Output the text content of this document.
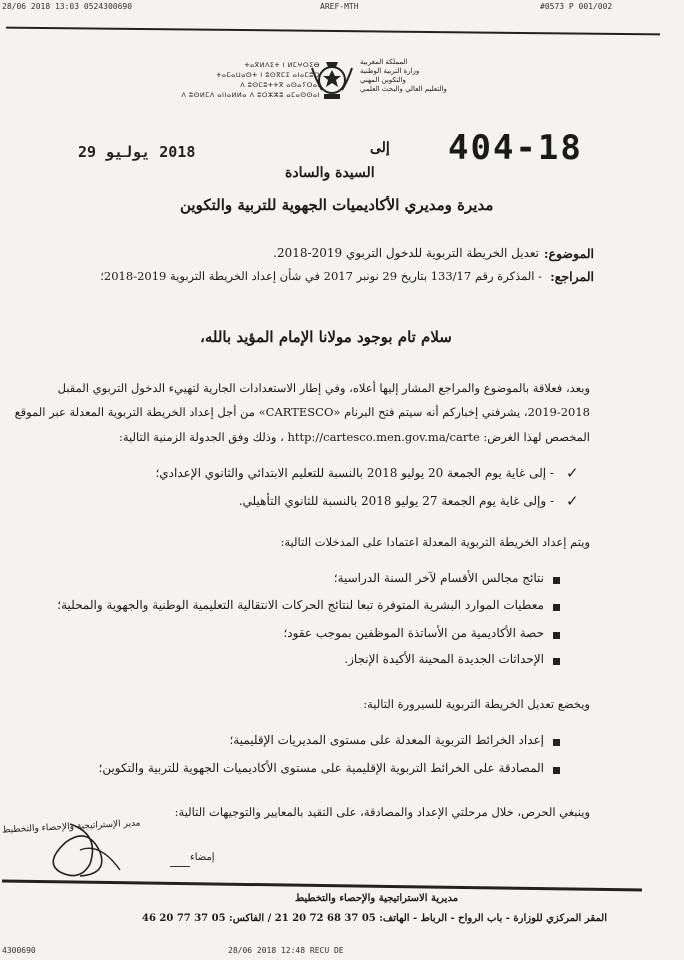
28/06 2018 13:03 0524300690	AREF-MTH	#0573 P 001/002
ⵜⴰⴳⵍⴷⵉⵜ ⵏ ⵍⵎⵖⵔⵉⴱ
ⵜⴰⵎⴰⵡⴰⵙⵜ ⵏ ⵓⵙⴳⵎⵉ ⴰⵏⴰⵎⵓⵔ
ⴷ ⵓⵙⵎⵓⵜⵜⴳ ⴰⵙⴰⵢⵔⴰⵏ
ⴷ ⵓⵙⵍⵎⴷ ⴰⵏⵏⴰⵍⵍⴰ ⴷ ⵓⵔⵣⵣⵓ ⴰⵎⴰⵙⵙⴰⵏ
المملكة المغربية
وزارة التربية الوطنية
والتكوين المهني
والتعليم العالي والبحث العلمي
2018 يوليو 29	404-18
إلى
السيدة والسادة
مديرة ومديري الأكاديميات الجهوية للتربية والتكوين
الموضوع:
تعديل الخريطة التربوية للدخول التربوي 2019-2018.
المراجع:
- المذكرة رقم 133/17 بتاريخ 29 نونبر 2017 في شأن إعداد الخريطة التربوية 2019-2018؛
سلام تام بوجود مولانا الإمام المؤيد بالله،
وبعد، فعلاقة بالموضوع والمراجع المشار إليها أعلاه، وفي إطار الاستعدادات الجارية لتهييء الدخول التربوي المقبل
2019-2018، يشرفني إخباركم أنه سيتم فتح البرنام «CARTESCO» من أجل إعداد الخريطة التربوية المعدلة عبر الموقع
المخصص لهذا الغرض: http://cartesco.men.gov.ma/carte ، وذلك وفق الجدولة الزمنية التالية:
✓
- إلى غاية يوم الجمعة 20 يوليو 2018 بالنسبة للتعليم الابتدائي والثانوي الإعدادي؛
✓
- وإلى غاية يوم الجمعة 27 يوليو 2018 بالنسبة للثانوي التأهيلي.
ويتم إعداد الخريطة التربوية المعدلة اعتمادا على المدخلات التالية:
نتائج مجالس الأقسام لآخر السنة الدراسية؛
معطيات الموارد البشرية المتوفرة تبعا لنتائج الحركات الانتقالية التعليمية الوطنية والجهوية والمحلية؛
حصة الأكاديمية من الأساتذة الموظفين بموجب عقود؛
الإحداثات الجديدة المحينة الأكيدة الإنجاز.
ويخضع تعديل الخريطة التربوية للسيرورة التالية:
إعداد الخرائط التربوية المعدلة على مستوى المديريات الإقليمية؛
المصادقة على الخرائط التربوية الإقليمية على مستوى الأكاديميات الجهوية للتربية والتكوين؛
وينبغي الحرص، خلال مرحلتي الإعداد والمصادقة، على التقيد بالمعايير والتوجيهات التالية:
مدير الإستراتيجية والإحصاء والتخطيط
إمضاء
مديرية الاستراتيجية والإحصاء والتخطيط
المقر المركزي للوزارة - باب الرواح - الرباط - الهاتف: 05 37 68 72 20 21 / الفاكس: 05 37 77 20 46
4300690	28/06 2018 12:48 RECU DE
